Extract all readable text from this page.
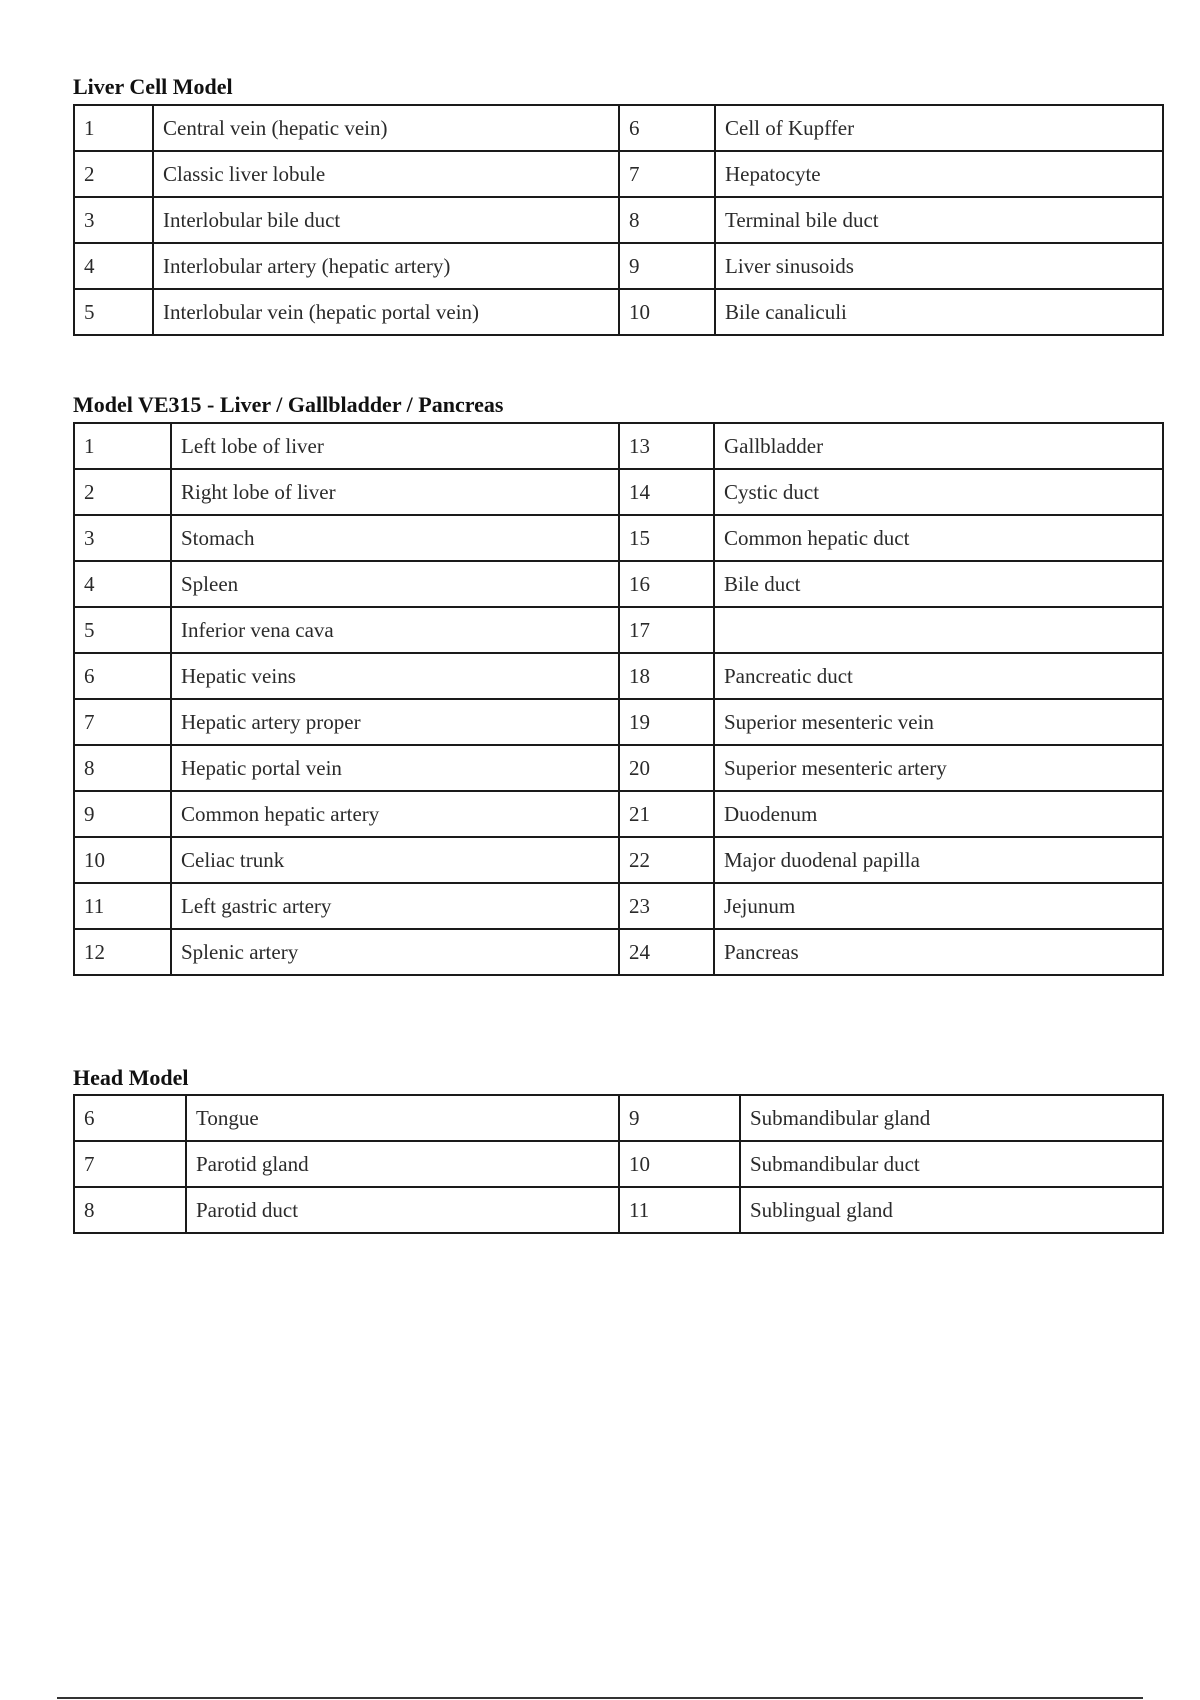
Liver Cell Model
1	Central vein (hepatic vein)	6	Cell of Kupffer
2	Classic liver lobule	7	Hepatocyte
3	Interlobular bile duct	8	Terminal bile duct
4	Interlobular artery (hepatic artery)	9	Liver sinusoids
5	Interlobular vein (hepatic portal vein)	10	Bile canaliculi
Model VE315 - Liver / Gallbladder / Pancreas
1	Left lobe of liver	13	Gallbladder
2	Right lobe of liver	14	Cystic duct
3	Stomach	15	Common hepatic duct
4	Spleen	16	Bile duct
5	Inferior vena cava	17	
6	Hepatic veins	18	Pancreatic duct
7	Hepatic artery proper	19	Superior mesenteric vein
8	Hepatic portal vein	20	Superior mesenteric artery
9	Common hepatic artery	21	Duodenum
10	Celiac trunk	22	Major duodenal papilla
11	Left gastric artery	23	Jejunum
12	Splenic artery	24	Pancreas
Head Model
6	Tongue	9	Submandibular gland
7	Parotid gland	10	Submandibular duct
8	Parotid duct	11	Sublingual gland
